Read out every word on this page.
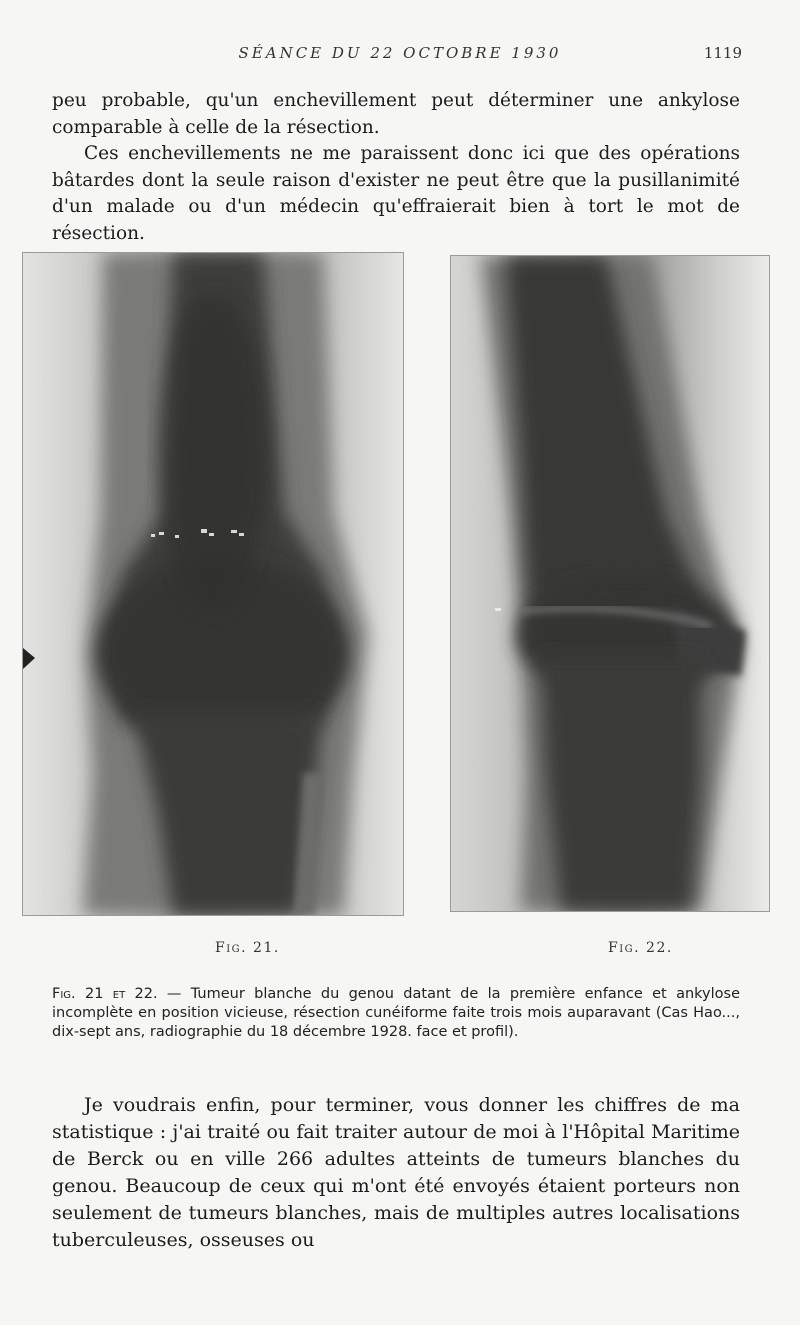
SÉANCE DU 22 OCTOBRE 1930	1119

peu probable, qu'un enchevillement peut déterminer une ankylose comparable à celle de la résection.

Ces enchevillements ne me paraissent donc ici que des opérations bâtardes dont la seule raison d'exister ne peut être que la pusillanimité d'un malade ou d'un médecin qu'effraierait bien à tort le mot de résection.

Fig. 21.	Fig. 22.

Fig. 21 et 22. — Tumeur blanche du genou datant de la première enfance et ankylose incomplète en position vicieuse, résection cunéiforme faite trois mois auparavant (Cas Hao..., dix-sept ans, radiographie du 18 décembre 1928. face et profil).

Je voudrais enfin, pour terminer, vous donner les chiffres de ma statistique : j'ai traité ou fait traiter autour de moi à l'Hôpital Maritime de Berck ou en ville 266 adultes atteints de tumeurs blanches du genou. Beaucoup de ceux qui m'ont été envoyés étaient porteurs non seulement de tumeurs blanches, mais de multiples autres localisations tuberculeuses, osseuses ou
